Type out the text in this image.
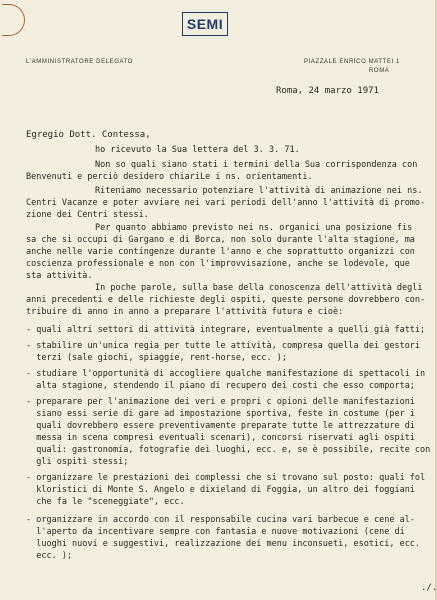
SEMI
L'AMMINISTRATORE DELEGATO	PIAZZALE ENRICO MATTEI 1
ROMA
Roma, 24 marzo 1971
Egregio Dott. Contessa,
ho ricevuto la Sua lettera del 3. 3. 71.
Non so quali siano stati i termini della Sua corrispondenza con
Benvenuti e perciò desidero chiariLe i ns. orientamenti.
Riteniamo necessario potenziare l'attività di animazione nei ns.
Centri Vacanze e poter avviare nei vari periodi dell'anno l'attività di promo-
zione dei Centri stessi.
Per quanto abbiamo previsto nei ns. organici una posizione fis
sa che si occupi di Gargano e di Borca, non solo durante l'alta stagione, ma
anche nelle varie contingenze durante l'anno e che soprattutto organizzi con
coscienza professionale e non con l'improvvisazione, anche se lodevole, que
sta attività.
In poche parole, sulla base della conoscenza dell'attività degli
anni precedenti e delle richieste degli ospiti, queste persone dovrebbero con-
tribuire di anno in anno a preparare l'attività futura e cioè:
- quali altri settori di attività integrare, eventualmente a quelli già fatti;
- stabilire un'unica regia per tutte le attività, compresa quella dei gestori
terzi (sale giochi, spiaggie, rent-horse, ecc. );
- studiare l'opportunità di accogliere qualche manifestazione di spettacoli in
alta stagione, stendendo il piano di recupero dei costi che esso comporta;
- preparare per l'animazione dei veri e propri c opioni delle manifestazioni
siano essi serie di gare ad impostazione sportiva, feste in costume (per i
quali dovrebbero essere preventivamente preparate tutte le attrezzature di
messa in scena compresi eventuali scenari), concorsi riservati agli ospiti
quali: gastronomia, fotografie dei luoghi, ecc. e, se è possibile, recite con
gli ospiti stessi;
- organizzare le prestazioni dei complessi che si trovano sul posto: quali fol
kloristici di Monte S. Angelo e dixieland di Foggia, un altro dei foggiani
che fa le "sceneggiate", ecc.
- organizzare in accordo con il responsabile cucina vari barbecue e cene al-
l'aperto da incentivare sempre con fantasia e nuove motivazioni (cene di
luoghi nuovi e suggestivi, realizzazione dei menu inconsueti, esotici, ecc.
ecc. );
./.
